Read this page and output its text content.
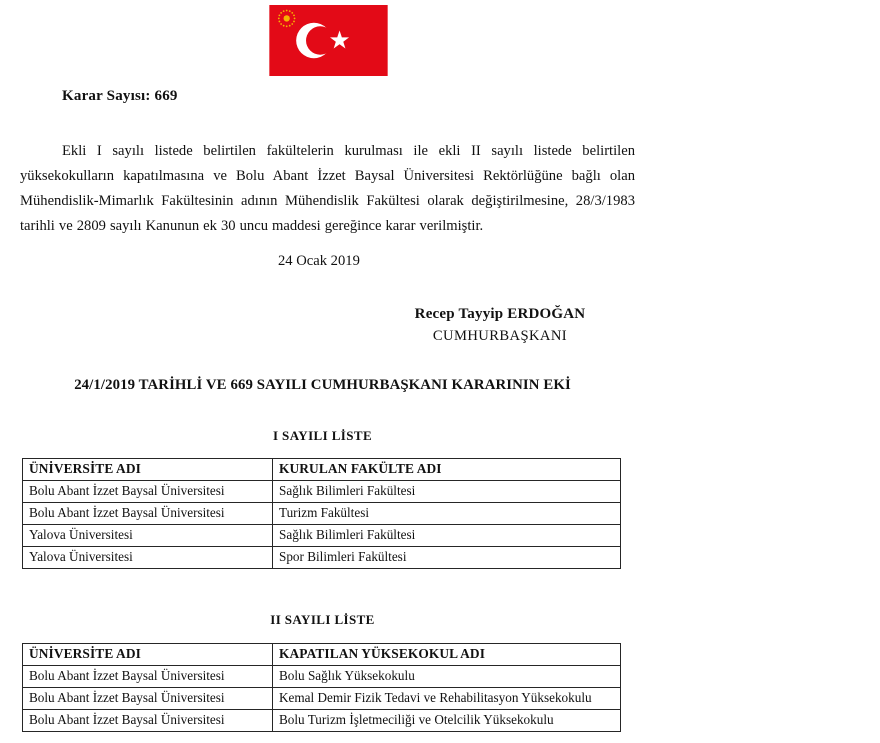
Karar Sayısı: 669

Ekli I sayılı listede belirtilen fakültelerin kurulması ile ekli II sayılı listede belirtilen yüksekokulların kapatılmasına ve Bolu Abant İzzet Baysal Üniversitesi Rektörlüğüne bağlı olan Mühendislik-Mimarlık Fakültesinin adının Mühendislik Fakültesi olarak değiştirilmesine, 28/3/1983 tarihli ve 2809 sayılı Kanunun ek 30 uncu maddesi gereğince karar verilmiştir.

24 Ocak 2019
Recep Tayyip ERDOĞAN
CUMHURBAŞKANI
24/1/2019 TARİHLİ VE 669 SAYILI CUMHURBAŞKANI KARARININ EKİ
I SAYILI LİSTE
ÜNİVERSİTE ADI	KURULAN FAKÜLTE ADI
Bolu Abant İzzet Baysal Üniversitesi	Sağlık Bilimleri Fakültesi
Bolu Abant İzzet Baysal Üniversitesi	Turizm Fakültesi
Yalova Üniversitesi	Sağlık Bilimleri Fakültesi
Yalova Üniversitesi	Spor Bilimleri Fakültesi
II SAYILI LİSTE
ÜNİVERSİTE ADI	KAPATILAN YÜKSEKOKUL ADI
Bolu Abant İzzet Baysal Üniversitesi	Bolu Sağlık Yüksekokulu
Bolu Abant İzzet Baysal Üniversitesi	Kemal Demir Fizik Tedavi ve Rehabilitasyon Yüksekokulu
Bolu Abant İzzet Baysal Üniversitesi	Bolu Turizm İşletmeciliği ve Otelcilik Yüksekokulu
